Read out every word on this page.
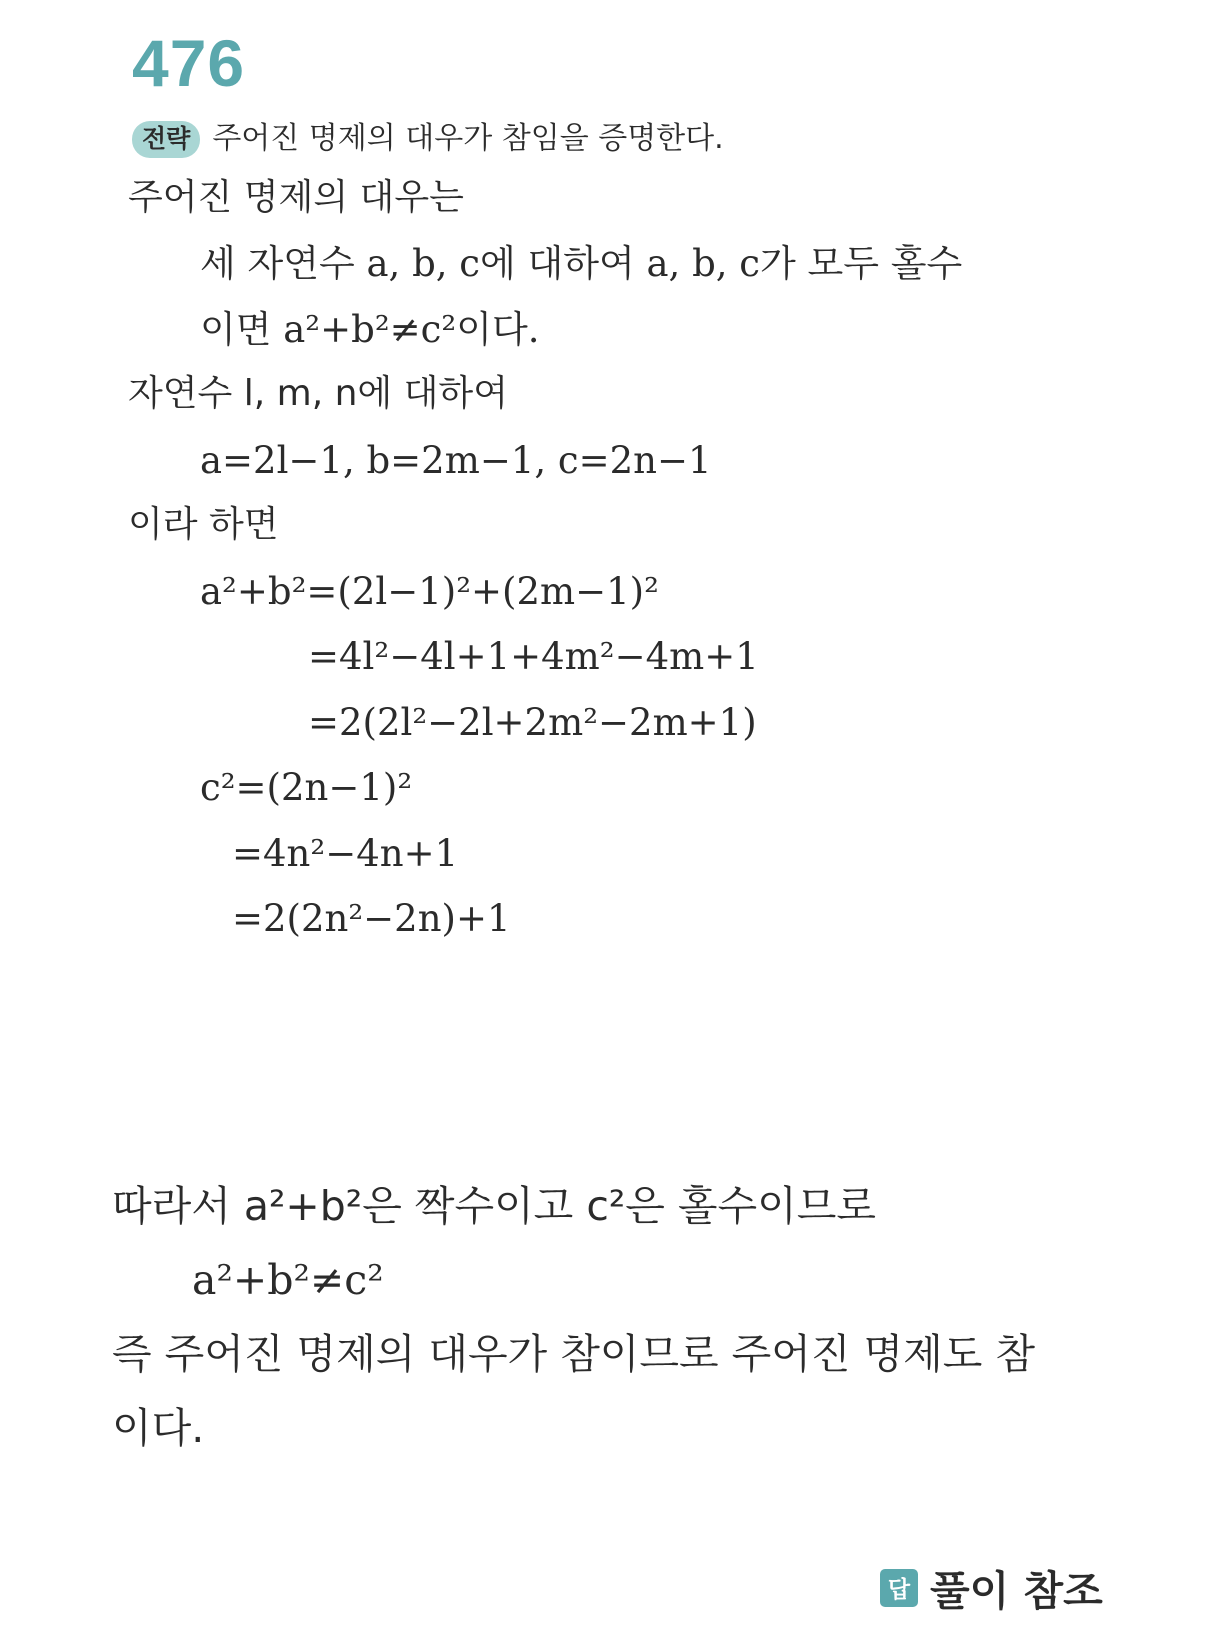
476
전략 주어진 명제의 대우가 참임을 증명한다.
주어진 명제의 대우는
세 자연수 a, b, c에 대하여 a, b, c가 모두 홀수
이면 a²+b²≠c²이다.
자연수 l, m, n에 대하여
a=2l−1, b=2m−1, c=2n−1
이라 하면
a²+b²=(2l−1)²+(2m−1)²
=4l²−4l+1+4m²−4m+1
=2(2l²−2l+2m²−2m+1)
c²=(2n−1)²
=4n²−4n+1
=2(2n²−2n)+1
따라서 a²+b²은 짝수이고 c²은 홀수이므로
a²+b²≠c²
즉 주어진 명제의 대우가 참이므로 주어진 명제도 참
이다.
답 풀이 참조
